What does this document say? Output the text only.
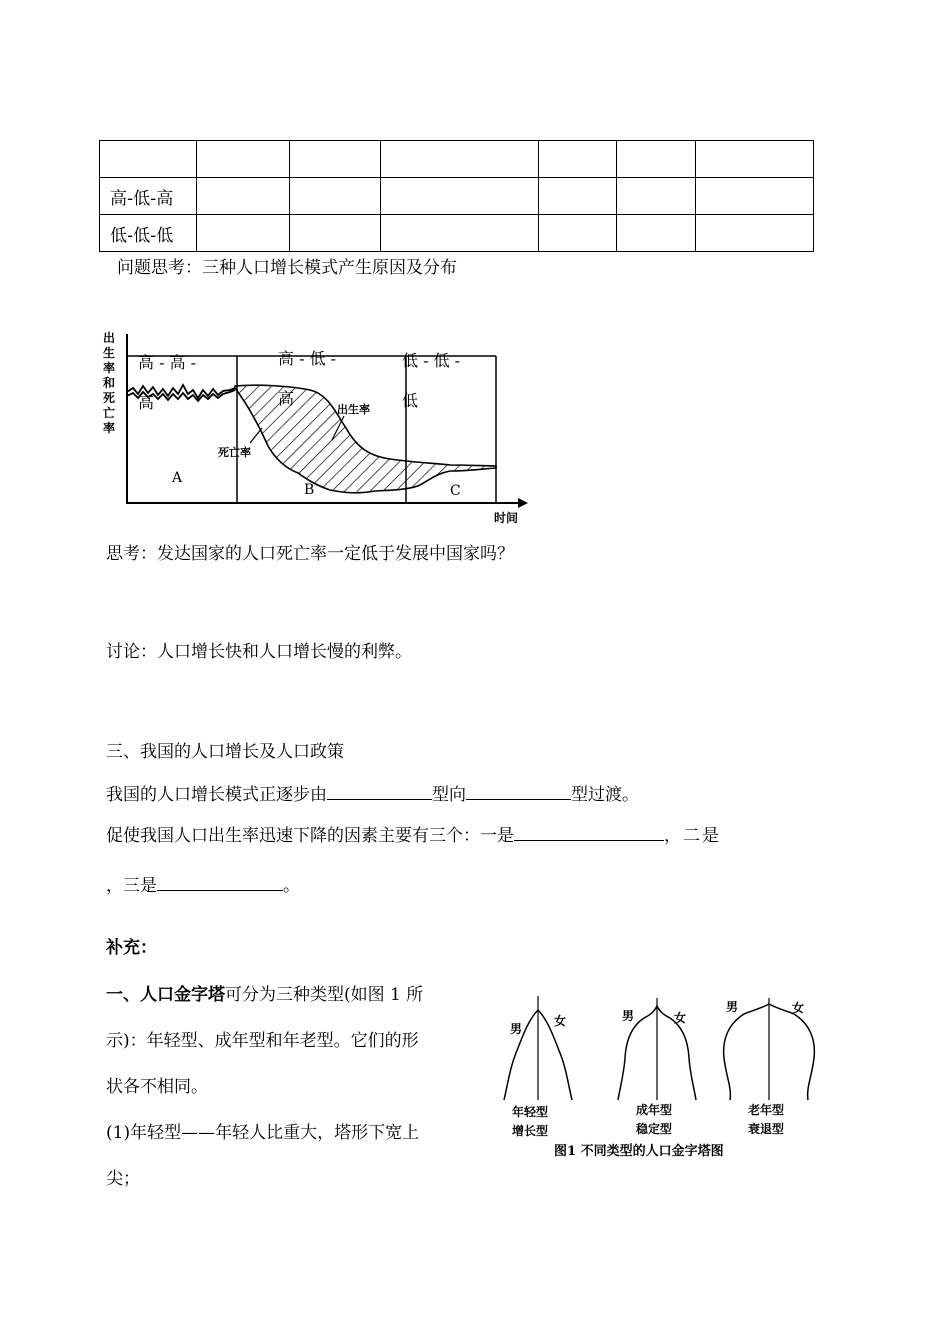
高-低-高						
低-低-低						
问题思考：三种人口增长模式产生原因及分布
出
生
率
和
死
亡
率
高 - 高 -
高
高 - 低 -
高
低 - 低 -
低
出生率
死亡率
A
B	C
时间
思考：发达国家的人口死亡率一定低于发展中国家吗？
讨论：人口增长快和人口增长慢的利弊。
三、我国的人口增长及人口政策
我国的人口增长模式正逐步由	型向	型过渡。
促使我国人口出生率迅速下降的因素主要有三个：一是	，二是
，三是	。
补充：
一、人口金字塔可分为三种类型(如图 1 所
示)：年轻型、成年型和年老型。它们的形
状各不相同。
(1)年轻型——年轻人比重大，塔形下宽上
尖；
男
女
年轻型
增长型
男	女
成年型
稳定型
男	女
老年型
衰退型
图1 不同类型的人口金字塔图
